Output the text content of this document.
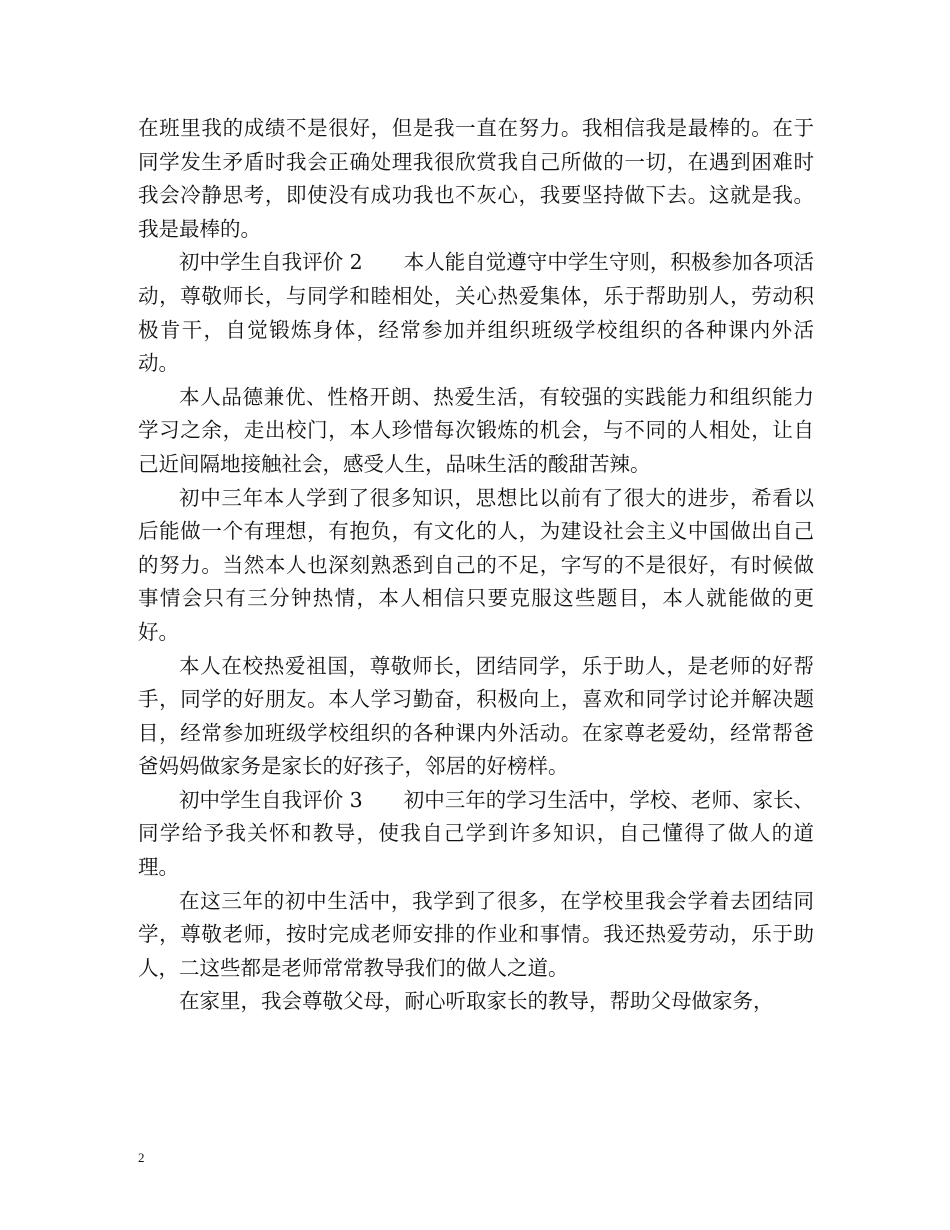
在班里我的成绩不是很好，但是我一直在努力。我相信我是最棒的。在于同学发生矛盾时我会正确处理我很欣赏我自己所做的一切，在遇到困难时我会冷静思考，即使没有成功我也不灰心，我要坚持做下去。这就是我。我是最棒的。

初中学生自我评价 2　　本人能自觉遵守中学生守则，积极参加各项活动，尊敬师长，与同学和睦相处，关心热爱集体，乐于帮助别人，劳动积极肯干，自觉锻炼身体，经常参加并组织班级学校组织的各种课内外活动。

本人品德兼优、性格开朗、热爱生活，有较强的实践能力和组织能力学习之余，走出校门，本人珍惜每次锻炼的机会，与不同的人相处，让自己近间隔地接触社会，感受人生，品味生活的酸甜苦辣。

初中三年本人学到了很多知识，思想比以前有了很大的进步，希看以后能做一个有理想，有抱负，有文化的人，为建设社会主义中国做出自己的努力。当然本人也深刻熟悉到自己的不足，字写的不是很好，有时候做事情会只有三分钟热情，本人相信只要克服这些题目，本人就能做的更好。

本人在校热爱祖国，尊敬师长，团结同学，乐于助人，是老师的好帮手，同学的好朋友。本人学习勤奋，积极向上，喜欢和同学讨论并解决题目，经常参加班级学校组织的各种课内外活动。在家尊老爱幼，经常帮爸爸妈妈做家务是家长的好孩子，邻居的好榜样。

初中学生自我评价 3　　初中三年的学习生活中，学校、老师、家长、同学给予我关怀和教导，使我自己学到许多知识，自己懂得了做人的道理。

在这三年的初中生活中，我学到了很多，在学校里我会学着去团结同学，尊敬老师，按时完成老师安排的作业和事情。我还热爱劳动，乐于助人，二这些都是老师常常教导我们的做人之道。

在家里，我会尊敬父母，耐心听取家长的教导，帮助父母做家务，

2
